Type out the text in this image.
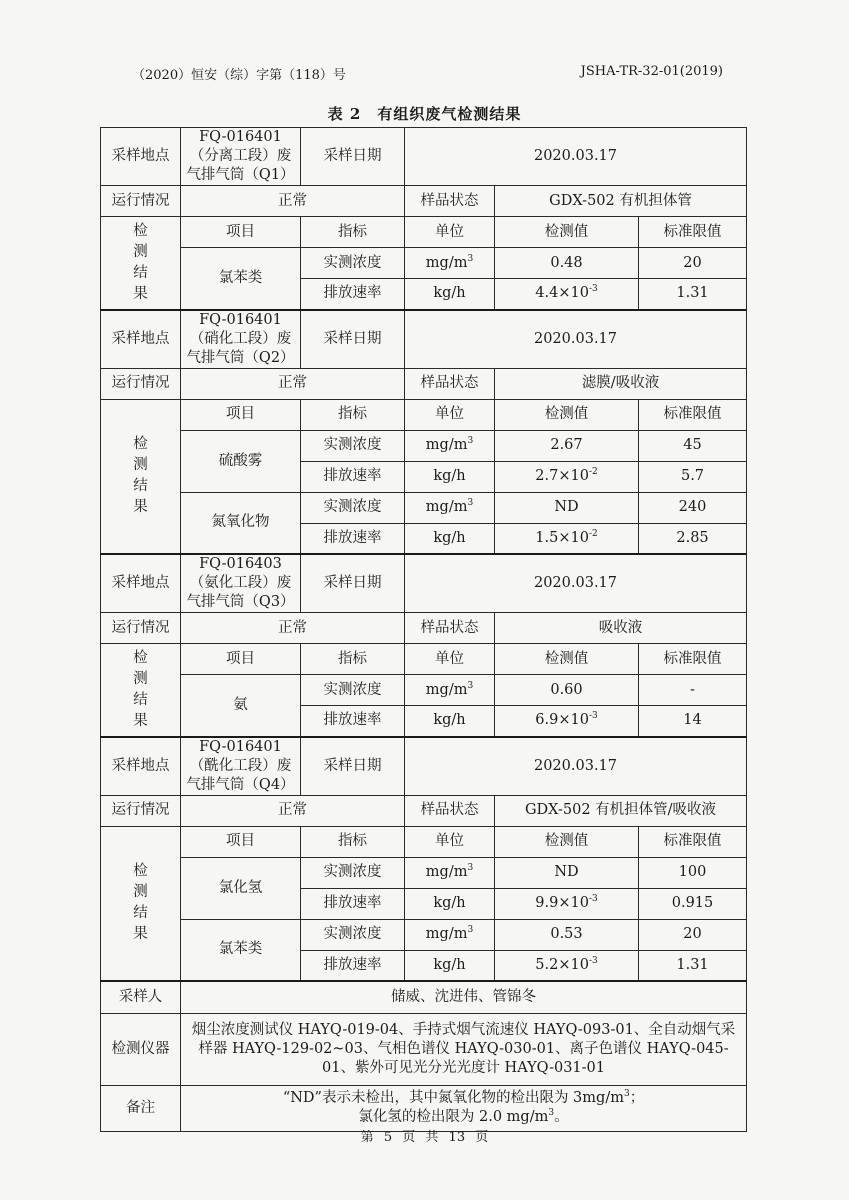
（2020）恒安（综）字第（118）号	JSHA-TR-32-01(2019)
表 2　有组织废气检测结果
采样地点	FQ-016401（分离工段）废气排气筒（Q1）	采样日期	2020.03.17		
运行情况	正常		样品状态	GDX-502 有机担体管	

检
测
结
果	项目	指标	单位	检测值	标准限值
	氯苯类	实测浓度	$mg/m^3$	0.48	20
		排放速率	kg/h	$4.4\times 10^{-3}$	1.31
采样地点	FQ-016401（硝化工段）废气排气筒（Q2）	采样日期	2020.03.17		
运行情况	正常		样品状态	滤膜/吸收液	

检
测
结
果	项目	指标	单位	检测值	标准限值
	硫酸雾	实测浓度	$mg/m^3$	2.67	45
		排放速率	kg/h	$2.7\times 10^{-2}$	5.7
	氮氧化物	实测浓度	$mg/m^3$	ND	240
		排放速率	kg/h	$1.5\times 10^{-2}$	2.85
采样地点	FQ-016403（氨化工段）废气排气筒（Q3）	采样日期	2020.03.17		
运行情况	正常		样品状态	吸收液	

检
测
结
果	项目	指标	单位	检测值	标准限值
	氨	实测浓度	$mg/m^3$	0.60	-
		排放速率	kg/h	$6.9\times 10^{-3}$	14
采样地点	FQ-016401（酰化工段）废气排气筒（Q4）	采样日期	2020.03.17		
运行情况	正常		样品状态	GDX-502 有机担体管/吸收液	

检
测
结
果	项目	指标	单位	检测值	标准限值
	氯化氢	实测浓度	$mg/m^3$	ND	100
		排放速率	kg/h	$9.9\times 10^{-3}$	0.915
	氯苯类	实测浓度	$mg/m^3$	0.53	20
		排放速率	kg/h	$5.2\times 10^{-3}$	1.31
采样人	储威、沈进伟、管锦冬				
检测仪器	烟尘浓度测试仪 HAYQ-019-04、手持式烟气流速仪 HAYQ-093-01、全自动烟气采样器 HAYQ-129-02~03、气相色谱仪 HAYQ-030-01、离子色谱仪 HAYQ-045-01、紫外可见光分光光度计 HAYQ-031-01				
备注	“ND”表示未检出，其中氮氧化物的检出限为 $3mg/m^3$；
氯化氢的检出限为 2.0 $mg/m^3$。				
第 5 页 共 13 页
